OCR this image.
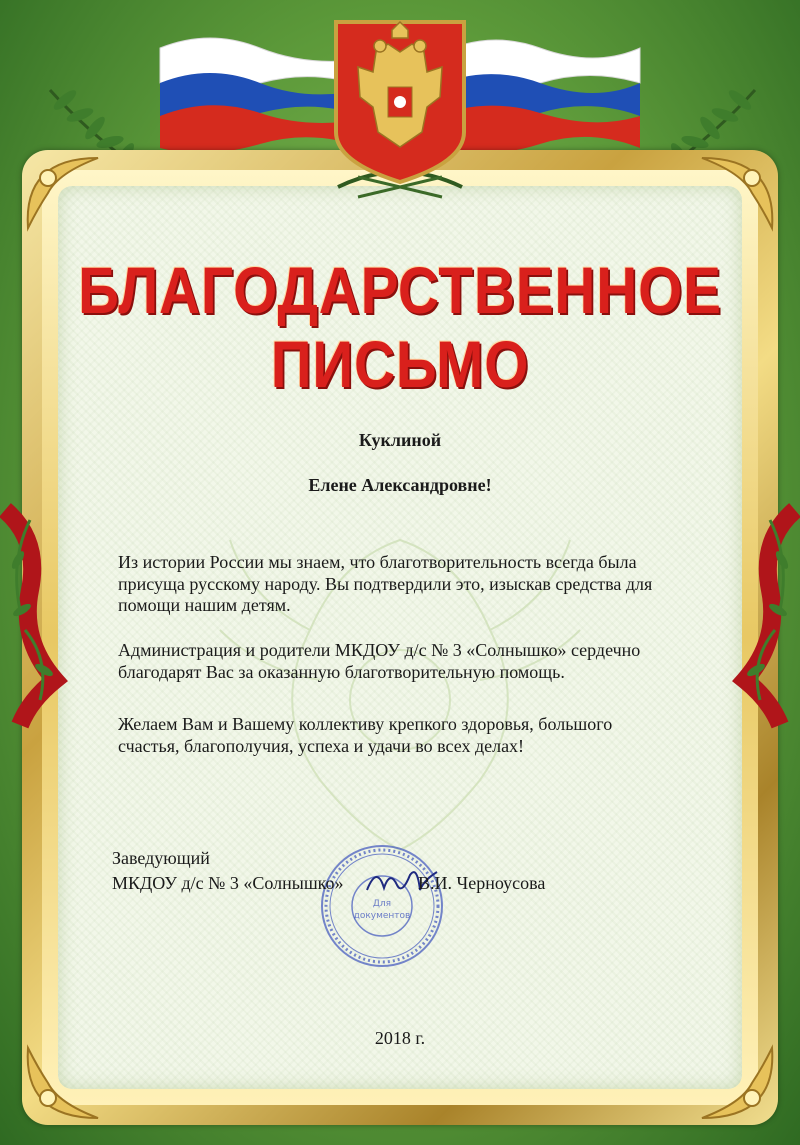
БЛАГОДАРСТВЕННОЕ
ПИСЬМО
Куклиной
Елене Александровне!
Из истории России мы знаем, что благотворительность всегда была
присуща русскому народу. Вы подтвердили это, изыскав средства для
помощи нашим детям.
Администрация и родители МКДОУ д/с № 3 «Солнышко» сердечно
благодарят Вас за оказанную благотворительную помощь.
Желаем Вам и Вашему коллективу крепкого здоровья, большого
счастья, благополучия, успеха и удачи во всех делах!
Для
документов
Заведующий
МКДОУ д/с № 3 «Солнышко»	В.И. Черноусова
2018 г.
